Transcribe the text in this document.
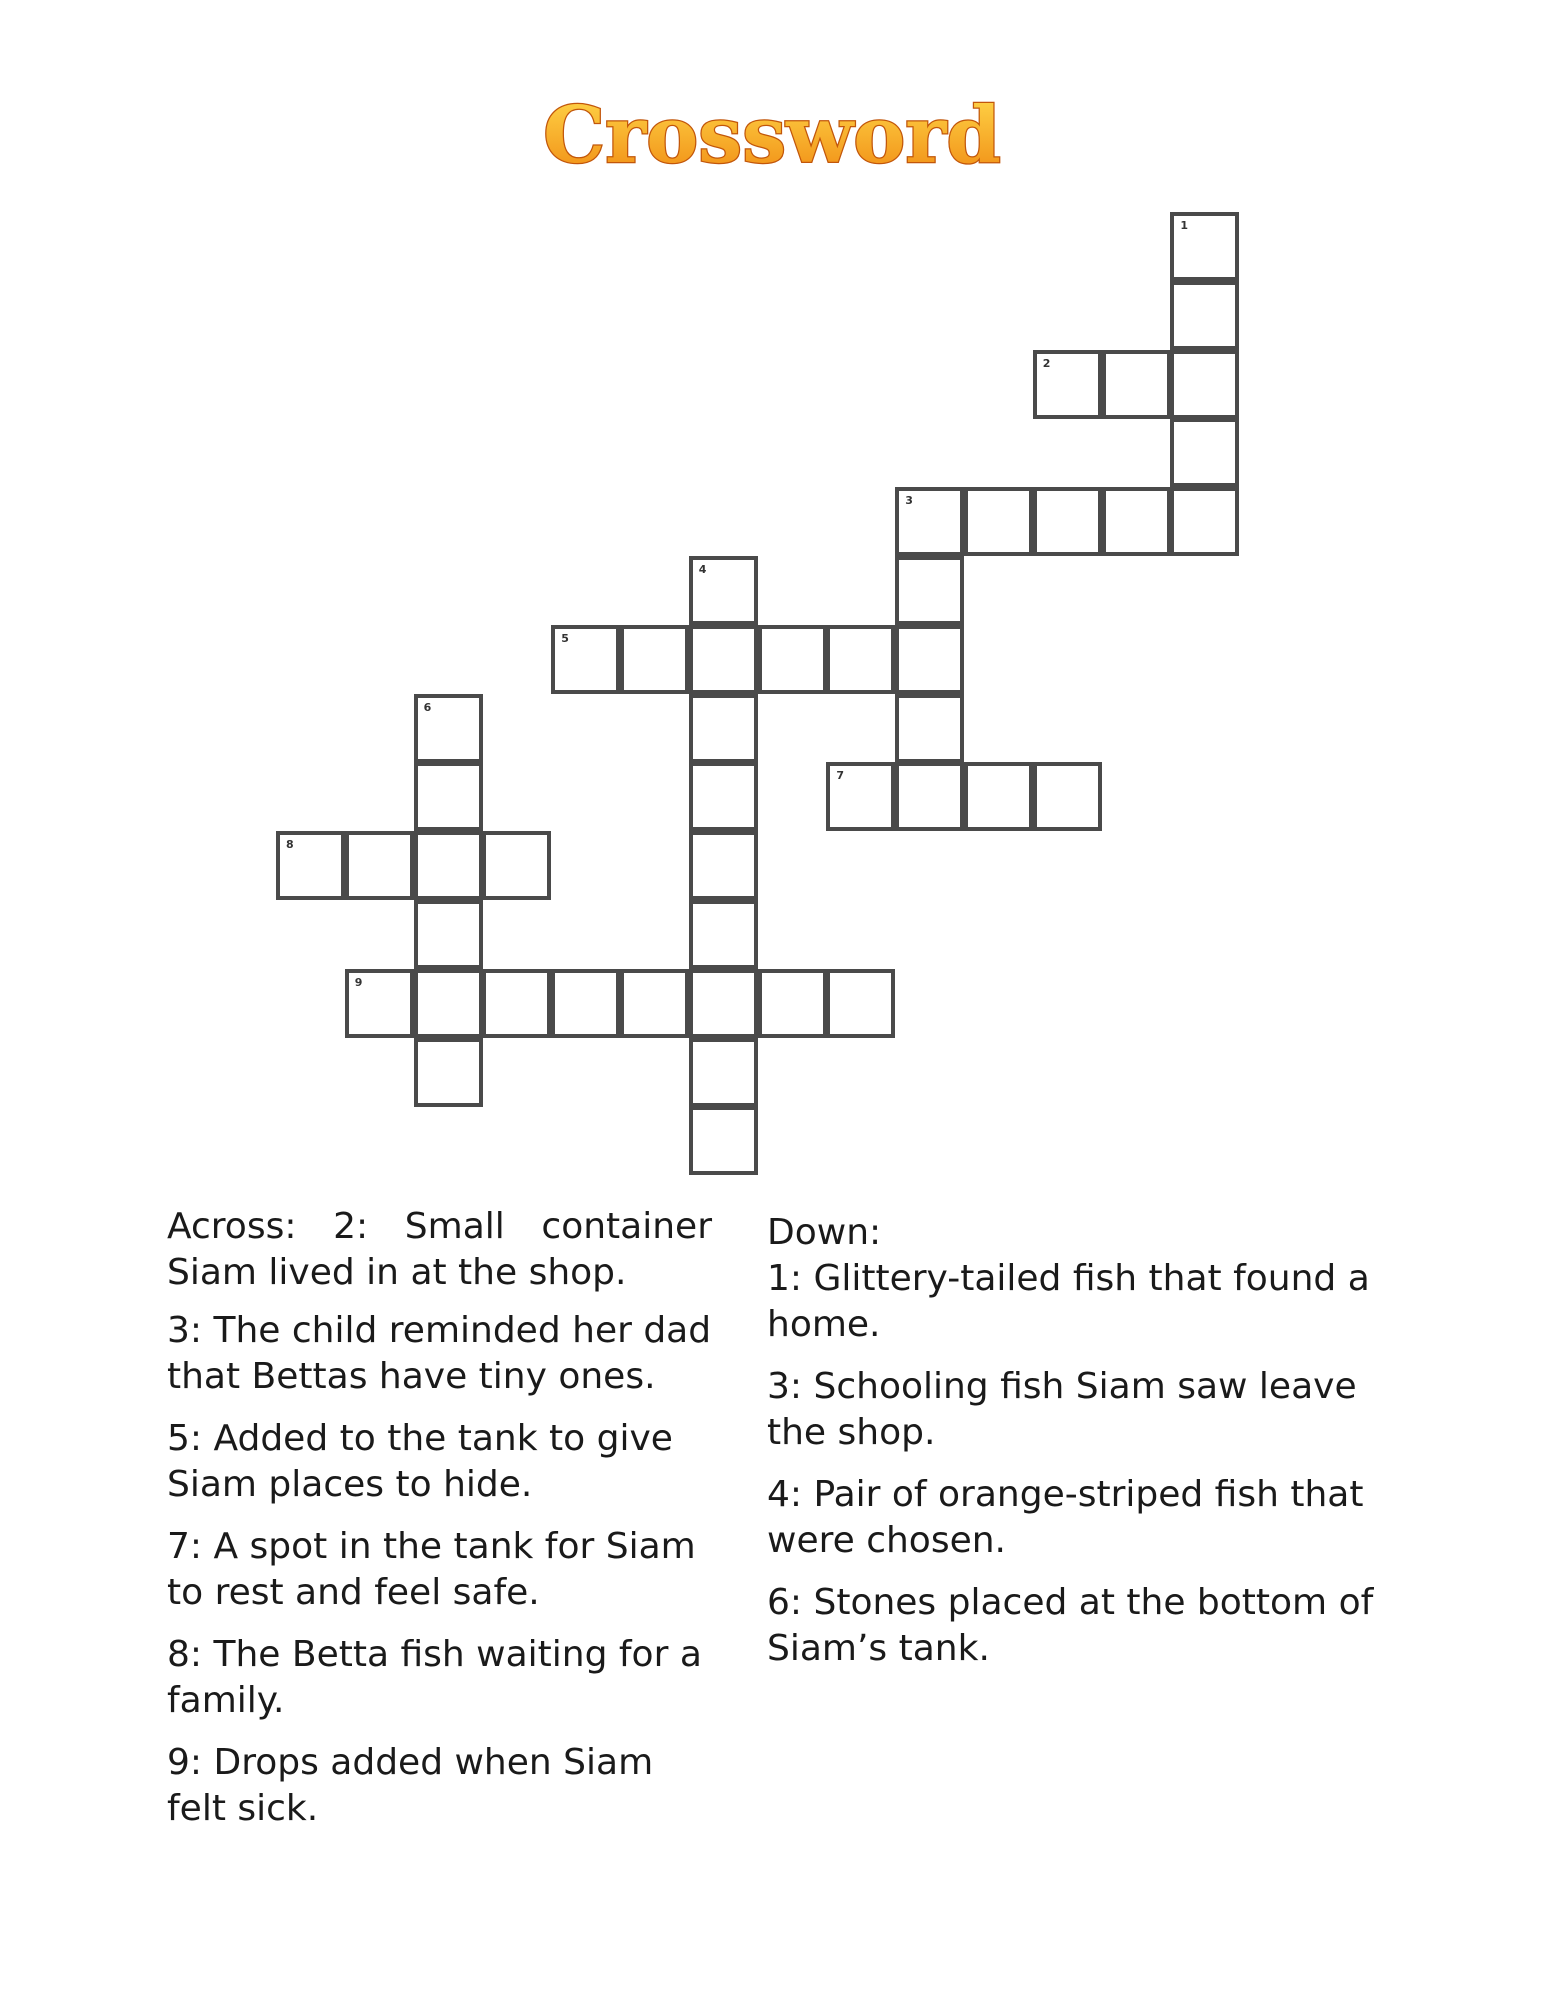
Crossword
1
2
3
4
5
6
7
8
9
Across: 2: Small container
Siam lived in at the shop.
3: The child reminded her dad that Bettas have tiny ones.
5: Added to the tank to give Siam places to hide.
7: A spot in the tank for Siam to rest and feel safe.
8: The Betta fish waiting for a family.
9: Drops added when Siam felt sick.
Down:
1: Glittery-tailed fish that found a home.
3: Schooling fish Siam saw leave the shop.
4: Pair of orange-striped fish that were chosen.
6: Stones placed at the bottom of Siam’s tank.
